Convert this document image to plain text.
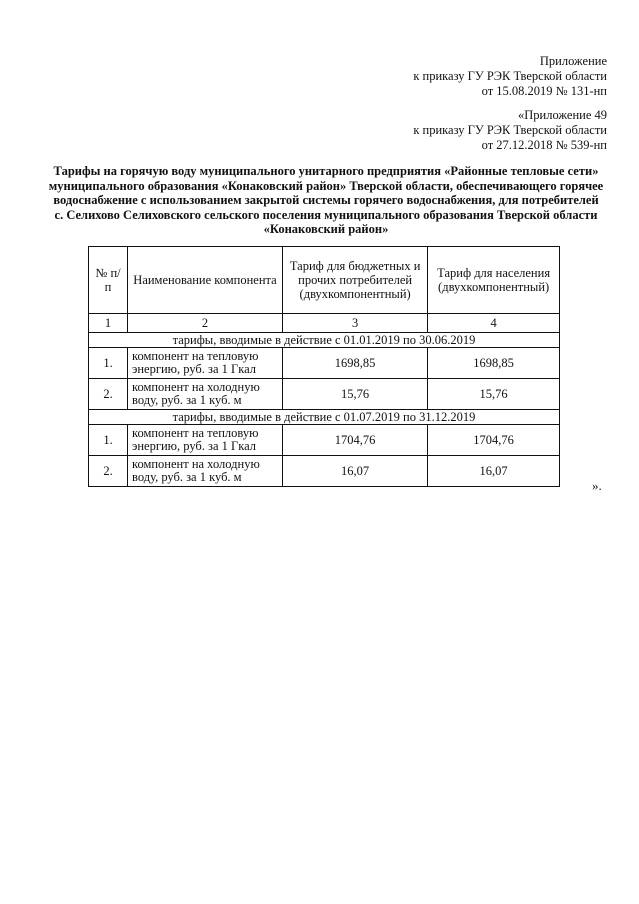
Приложение
к приказу ГУ РЭК Тверской области
от 15.08.2019 № 131-нп
«Приложение 49
к приказу ГУ РЭК Тверской области
от 27.12.2018 № 539-нп
Тарифы на горячую воду муниципального унитарного предприятия «Районные тепловые сети»
муниципального образования «Конаковский район» Тверской области, обеспечивающего горячее
водоснабжение с использованием закрытой системы горячего водоснабжения, для потребителей
с. Селихово Селиховского сельского поселения муниципального образования Тверской области
«Конаковский район»
№ п/п	Наименование компонента	Тариф для бюджетных и прочих потребителей (двухкомпонентный)	Тариф для населения (двухкомпонентный)
1	2	3	4
тарифы, вводимые в действие с 01.01.2019 по 30.06.2019			
1.	компонент на тепловую энергию, руб. за 1 Гкал	1698,85	1698,85
2.	компонент на холодную воду, руб. за 1 куб. м	15,76	15,76
тарифы, вводимые в действие с 01.07.2019 по 31.12.2019			
1.	компонент на тепловую энергию, руб. за 1 Гкал	1704,76	1704,76
2.	компонент на холодную воду, руб. за 1 куб. м	16,07	16,07
».
